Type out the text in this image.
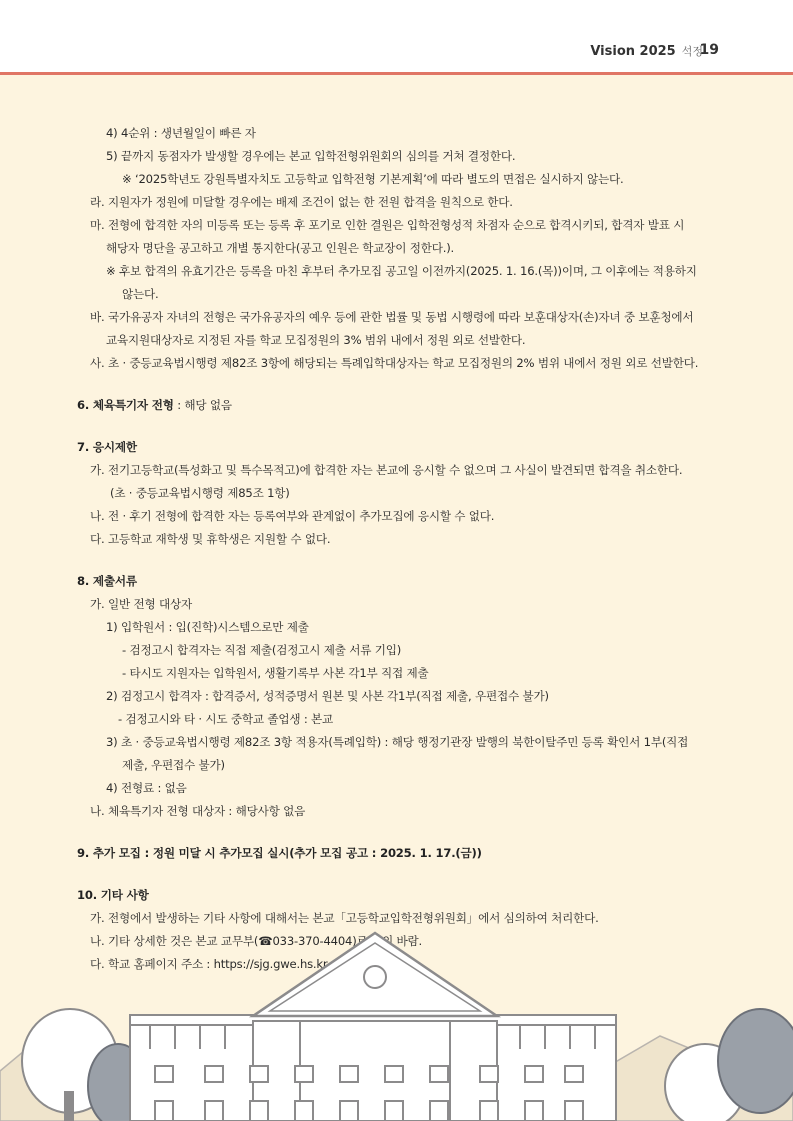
Vision 2025 석정
19
4) 4순위 : 생년월일이 빠른 자
5) 끝까지 동점자가 발생할 경우에는 본교 입학전형위원회의 심의를 거쳐 결정한다.
※ ‘2025학년도 강원특별자치도 고등학교 입학전형 기본계획’에 따라 별도의 면접은 실시하지 않는다.
라. 지원자가 정원에 미달할 경우에는 배제 조건이 없는 한 전원 합격을 원칙으로 한다.
마. 전형에 합격한 자의 미등록 또는 등록 후 포기로 인한 결원은 입학전형성적 차점자 순으로 합격시키되, 합격자 발표 시
해당자 명단을 공고하고 개별 통지한다(공고 인원은 학교장이 정한다.).
※ 후보 합격의 유효기간은 등록을 마친 후부터 추가모집 공고일 이전까지(2025. 1. 16.(목))이며, 그 이후에는 적용하지
않는다.
바. 국가유공자 자녀의 전형은 국가유공자의 예우 등에 관한 법률 및 동법 시행령에 따라 보훈대상자(손)자녀 중 보훈청에서
교육지원대상자로 지정된 자를 학교 모집정원의 3% 범위 내에서 정원 외로 선발한다.
사. 초 · 중등교육법시행령 제82조 3항에 해당되는 특례입학대상자는 학교 모집정원의 2% 범위 내에서 정원 외로 선발한다.
6. 체육특기자 전형 : 해당 없음
7. 응시제한
가. 전기고등학교(특성화고 및 특수목적고)에 합격한 자는 본교에 응시할 수 없으며 그 사실이 발견되면 합격을 취소한다.
(초 · 중등교육법시행령 제85조 1항)
나. 전 · 후기 전형에 합격한 자는 등록여부와 관계없이 추가모집에 응시할 수 없다.
다. 고등학교 재학생 및 휴학생은 지원할 수 없다.
8. 제출서류
가. 일반 전형 대상자
1) 입학원서 : 입(진학)시스템으로만 제출
- 검정고시 합격자는 직접 제출(검정고시 제출 서류 기입)
- 타시도 지원자는 입학원서, 생활기록부 사본 각1부 직접 제출
2) 검정고시 합격자 : 합격증서, 성적증명서 원본 및 사본 각1부(직접 제출, 우편접수 불가)
- 검정고시와 타 · 시도 중학교 졸업생 : 본교
3) 초 · 중등교육법시행령 제82조 3항 적용자(특례입학) : 해당 행정기관장 발행의 북한이탈주민 등록 확인서 1부(직접
제출, 우편접수 불가)
4) 전형료 : 없음
나. 체육특기자 전형 대상자 : 해당사항 없음
9. 추가 모집 : 정원 미달 시 추가모집 실시(추가 모집 공고 : 2025. 1. 17.(금))
10. 기타 사항
가. 전형에서 발생하는 기타 사항에 대해서는 본교「고등학교입학전형위원회」에서 심의하여 처리한다.
나. 기타 상세한 것은 본교 교무부(☎033-370-4404)로 문의 바람.
다. 학교 홈페이지 주소 : https://sjg.gwe.hs.kr
